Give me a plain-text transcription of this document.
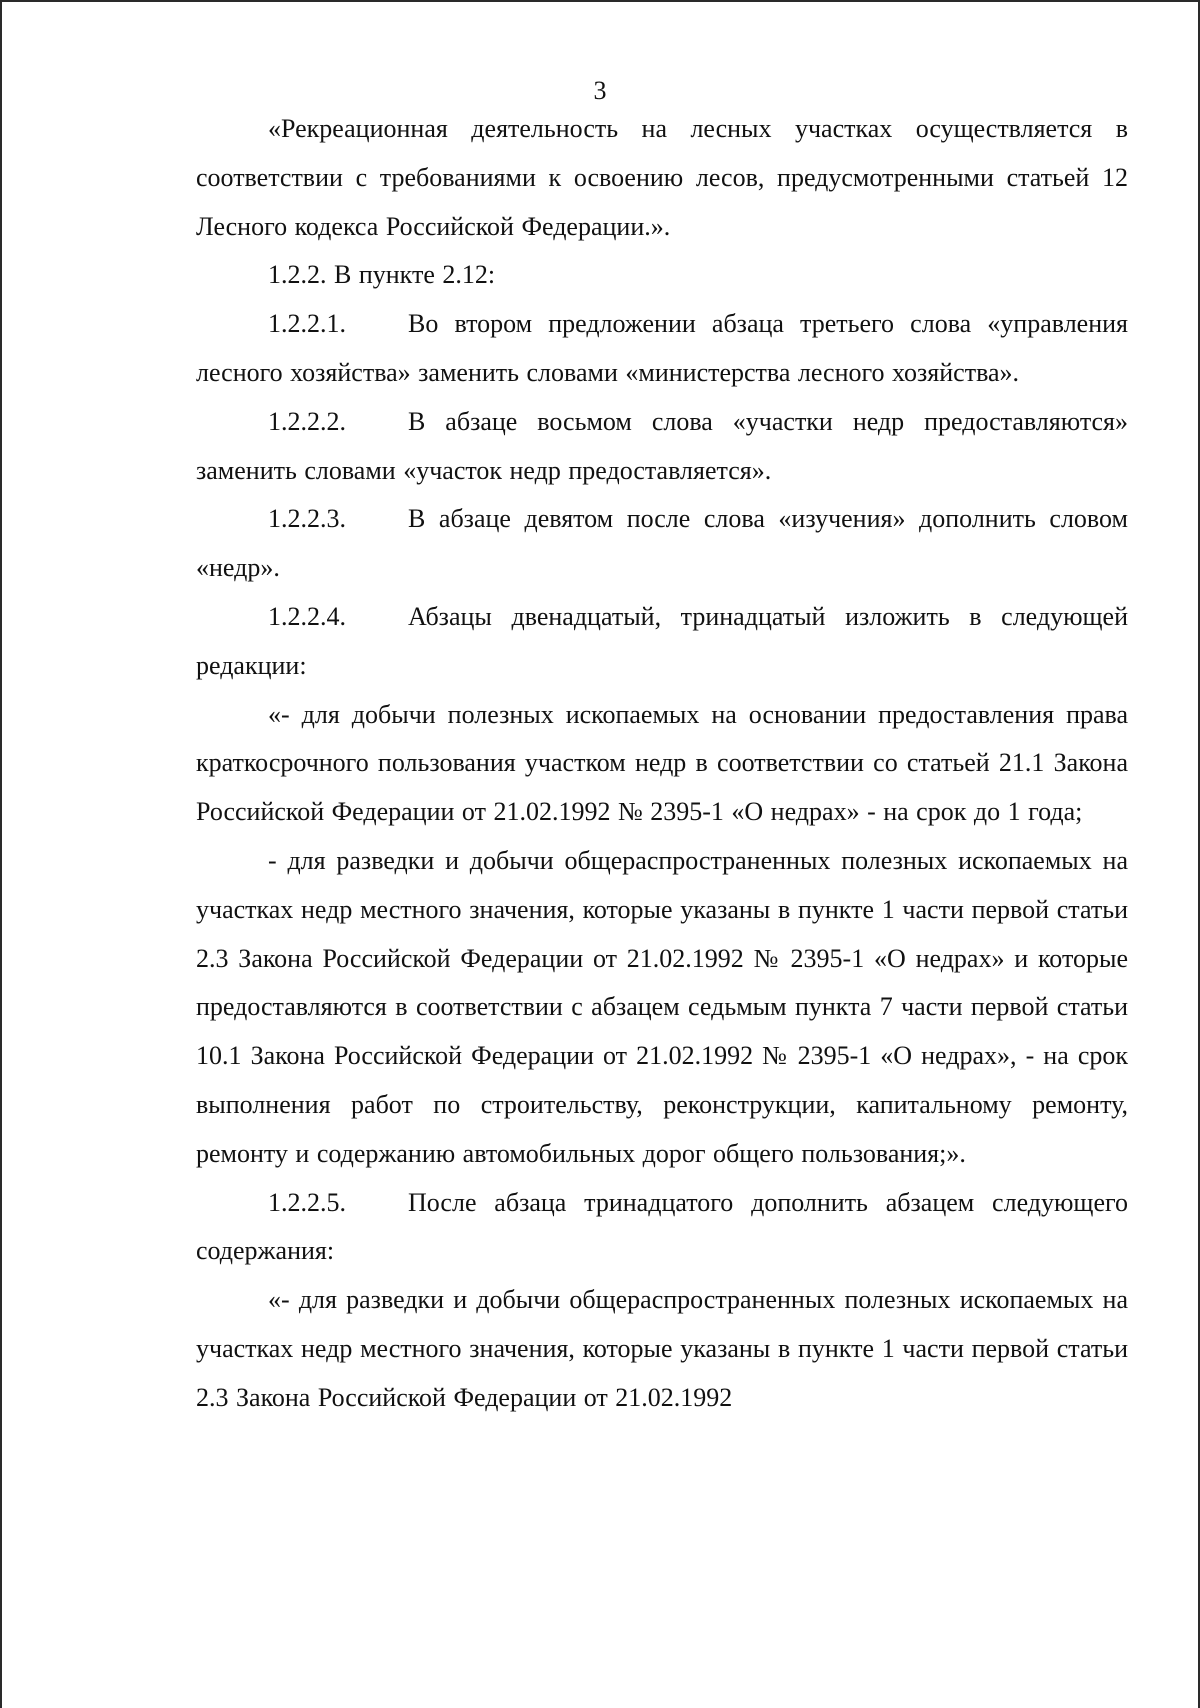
3

«Рекреационная деятельность на лесных участках осуществляется в соответствии с требованиями к освоению лесов, предусмотренными статьей 12 Лесного кодекса Российской Федерации.».

1.2.2. В пункте 2.12:

1.2.2.1. Во втором предложении абзаца третьего слова «управления лесного хозяйства» заменить словами «министерства лесного хозяйства».

1.2.2.2. В абзаце восьмом слова «участки недр предоставляются» заменить словами «участок недр предоставляется».

1.2.2.3. В абзаце девятом после слова «изучения» дополнить словом «недр».

1.2.2.4. Абзацы двенадцатый, тринадцатый изложить в следующей редакции:

«- для добычи полезных ископаемых на основании предоставления права краткосрочного пользования участком недр в соответствии со статьей 21.1 Закона Российской Федерации от 21.02.1992 № 2395-1 «О недрах» - на срок до 1 года;

- для разведки и добычи общераспространенных полезных ископаемых на участках недр местного значения, которые указаны в пункте 1 части первой статьи 2.3 Закона Российской Федерации от 21.02.1992 № 2395-1 «О недрах» и которые предоставляются в соответствии с абзацем седьмым пункта 7 части первой статьи 10.1 Закона Российской Федерации от 21.02.1992 № 2395-1 «О недрах», - на срок выполнения работ по строительству, реконструкции, капитальному ремонту, ремонту и содержанию автомобильных дорог общего пользования;».

1.2.2.5. После абзаца тринадцатого дополнить абзацем следующего содержания:

«- для разведки и добычи общераспространенных полезных ископаемых на участках недр местного значения, которые указаны в пункте 1 части первой статьи 2.3 Закона Российской Федерации от 21.02.1992
